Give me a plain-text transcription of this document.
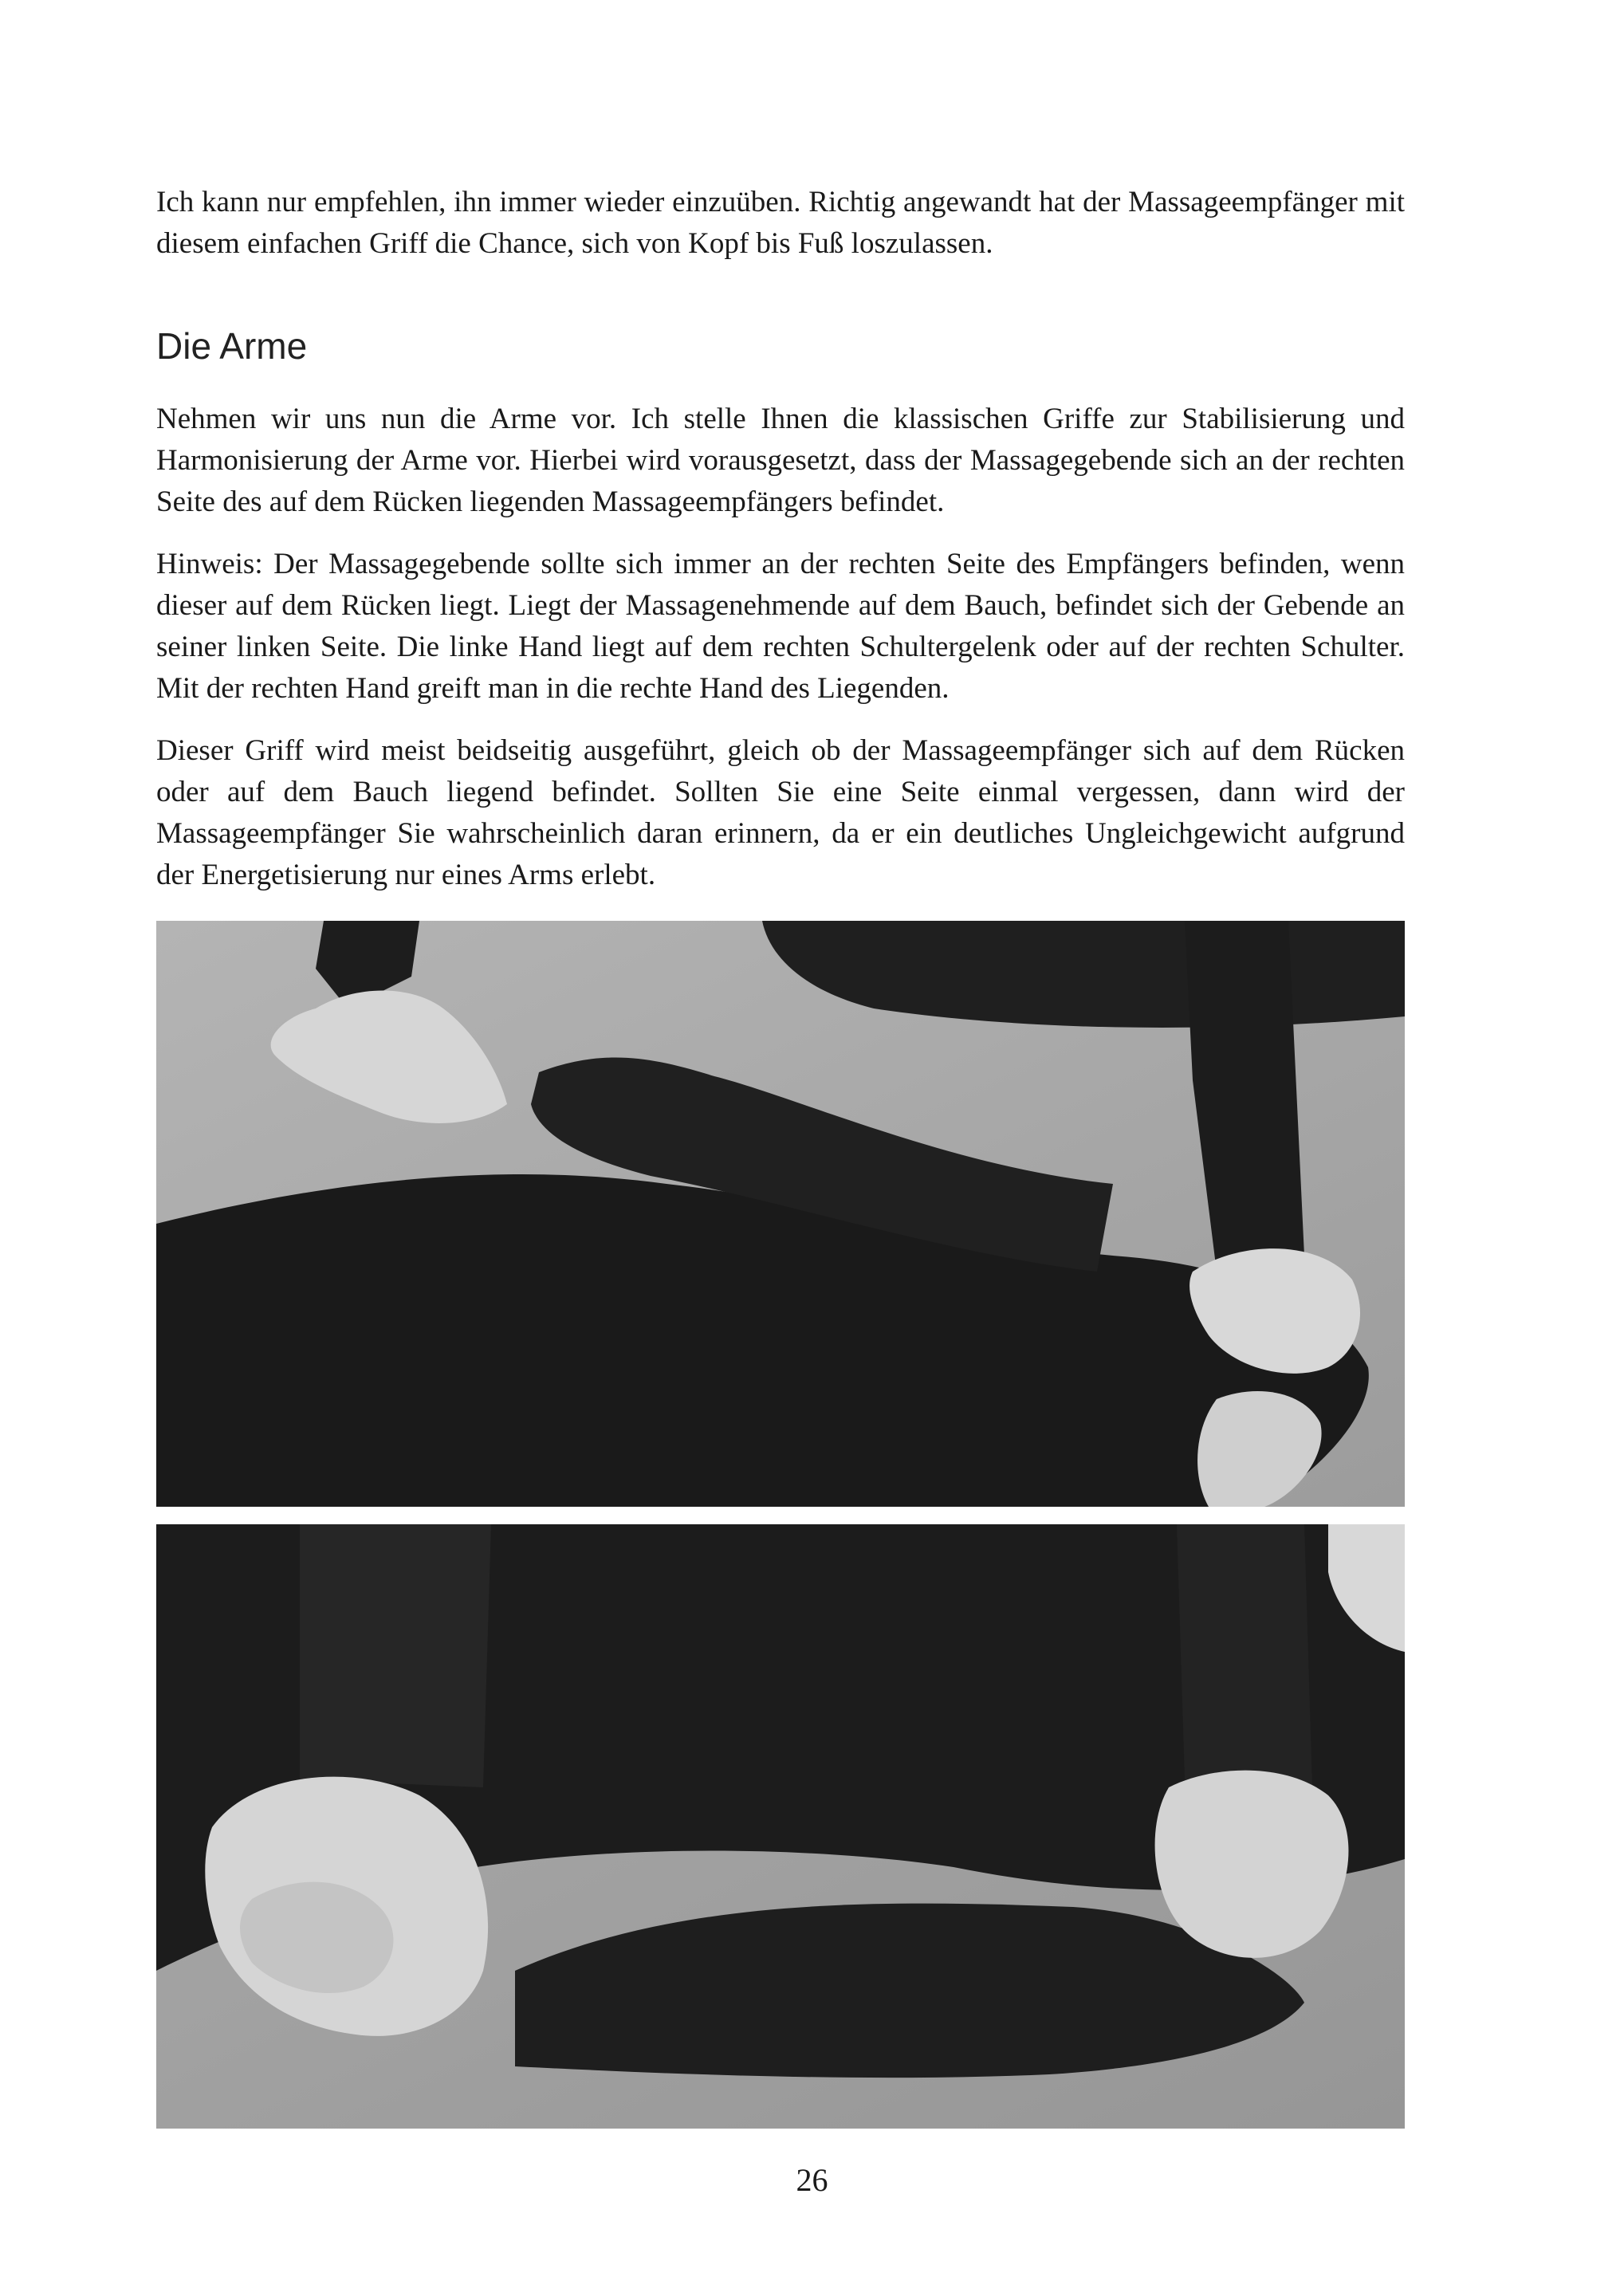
Ich kann nur empfehlen, ihn immer wieder einzuüben. Richtig angewandt hat der Massageempfänger mit diesem einfachen Griff die Chance, sich von Kopf bis Fuß loszulassen.

Die Arme

Nehmen wir uns nun die Arme vor. Ich stelle Ihnen die klassischen Griffe zur Stabilisierung und Harmonisierung der Arme vor. Hierbei wird vorausgesetzt, dass der Massagegebende sich an der rechten Seite des auf dem Rücken liegenden Massageempfängers befindet.

Hinweis: Der Massagegebende sollte sich immer an der rechten Seite des Empfängers befinden, wenn dieser auf dem Rücken liegt. Liegt der Massagenehmende auf dem Bauch, befindet sich der Gebende an seiner linken Seite. Die linke Hand liegt auf dem rechten Schultergelenk oder auf der rechten Schulter. Mit der rechten Hand greift man in die rechte Hand des Liegenden.

Dieser Griff wird meist beidseitig ausgeführt, gleich ob der Massageempfänger sich auf dem Rücken oder auf dem Bauch liegend befindet. Sollten Sie eine Seite einmal vergessen, dann wird der Massageempfänger Sie wahrscheinlich daran erinnern, da er ein deutliches Ungleichgewicht aufgrund der Energetisierung nur eines Arms erlebt.

26
